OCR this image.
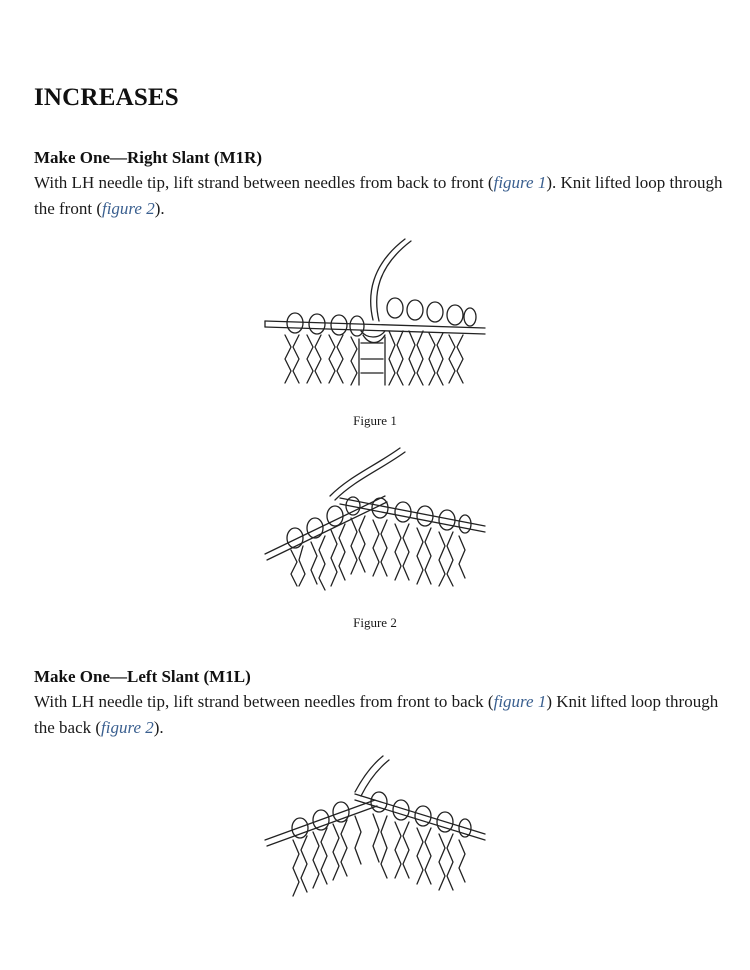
INCREASES

Make One—Right Slant (M1R)

With LH needle tip, lift strand between needles from back to front (figure 1). Knit lifted loop through the front (figure 2).

Figure 1
Figure 2

Make One—Left Slant (M1L)

With LH needle tip, lift strand between needles from front to back (figure 1) Knit lifted loop through the back (figure 2).
